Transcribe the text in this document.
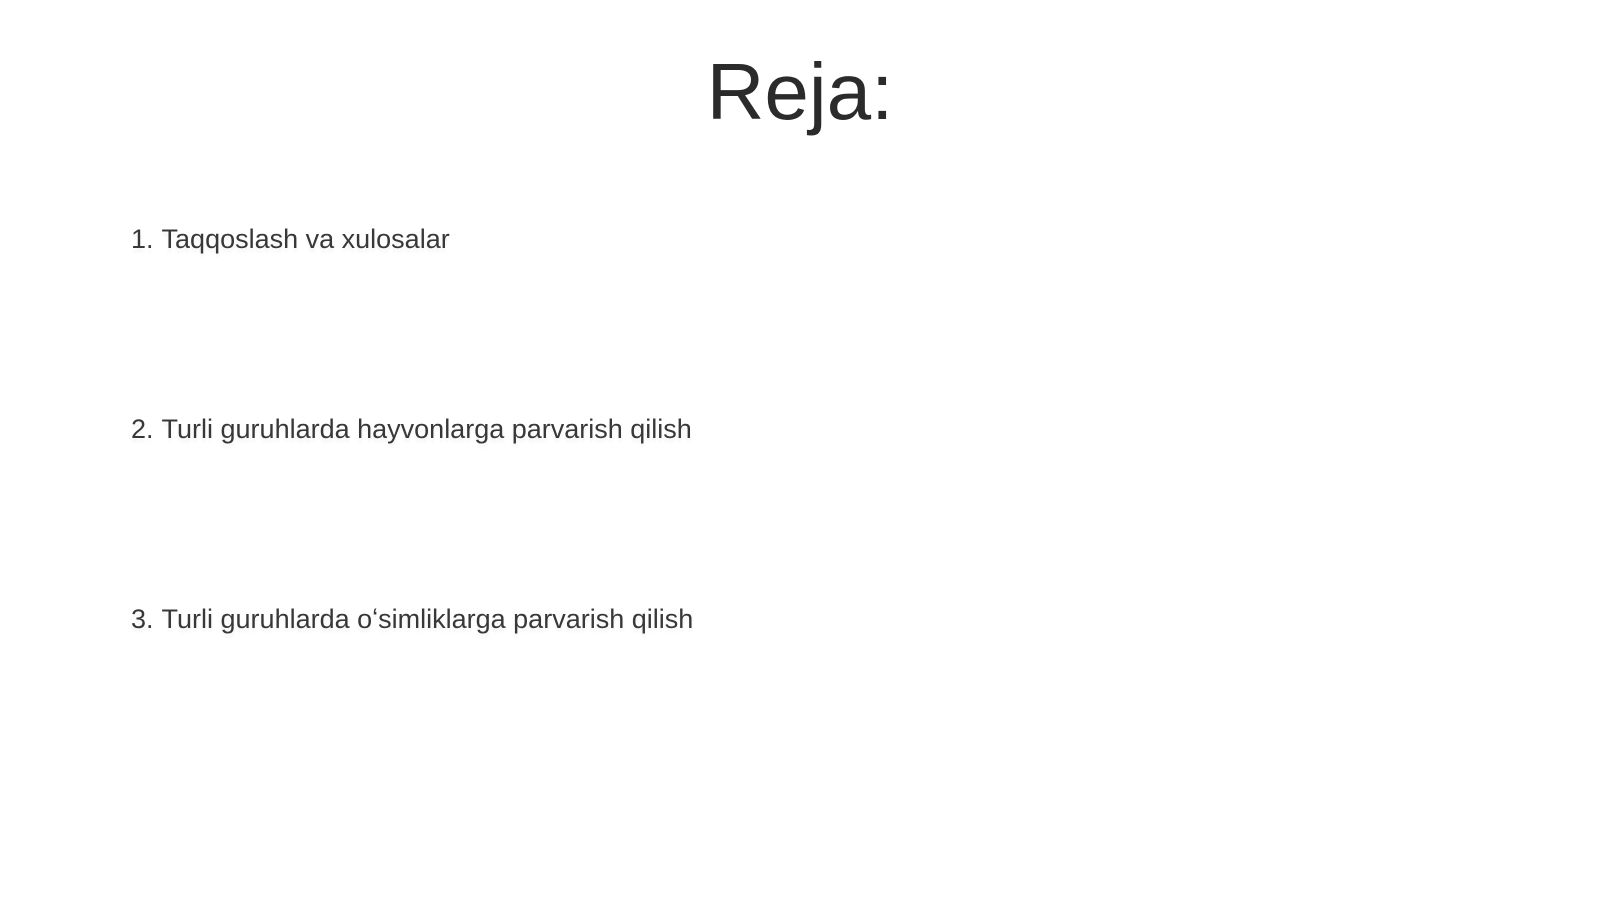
Reja:
1. Taqqoslash va xulosalar
2. Turli guruhlarda hayvonlarga parvarish qilish
3. Turli guruhlarda oʻsimliklarga parvarish qilish
